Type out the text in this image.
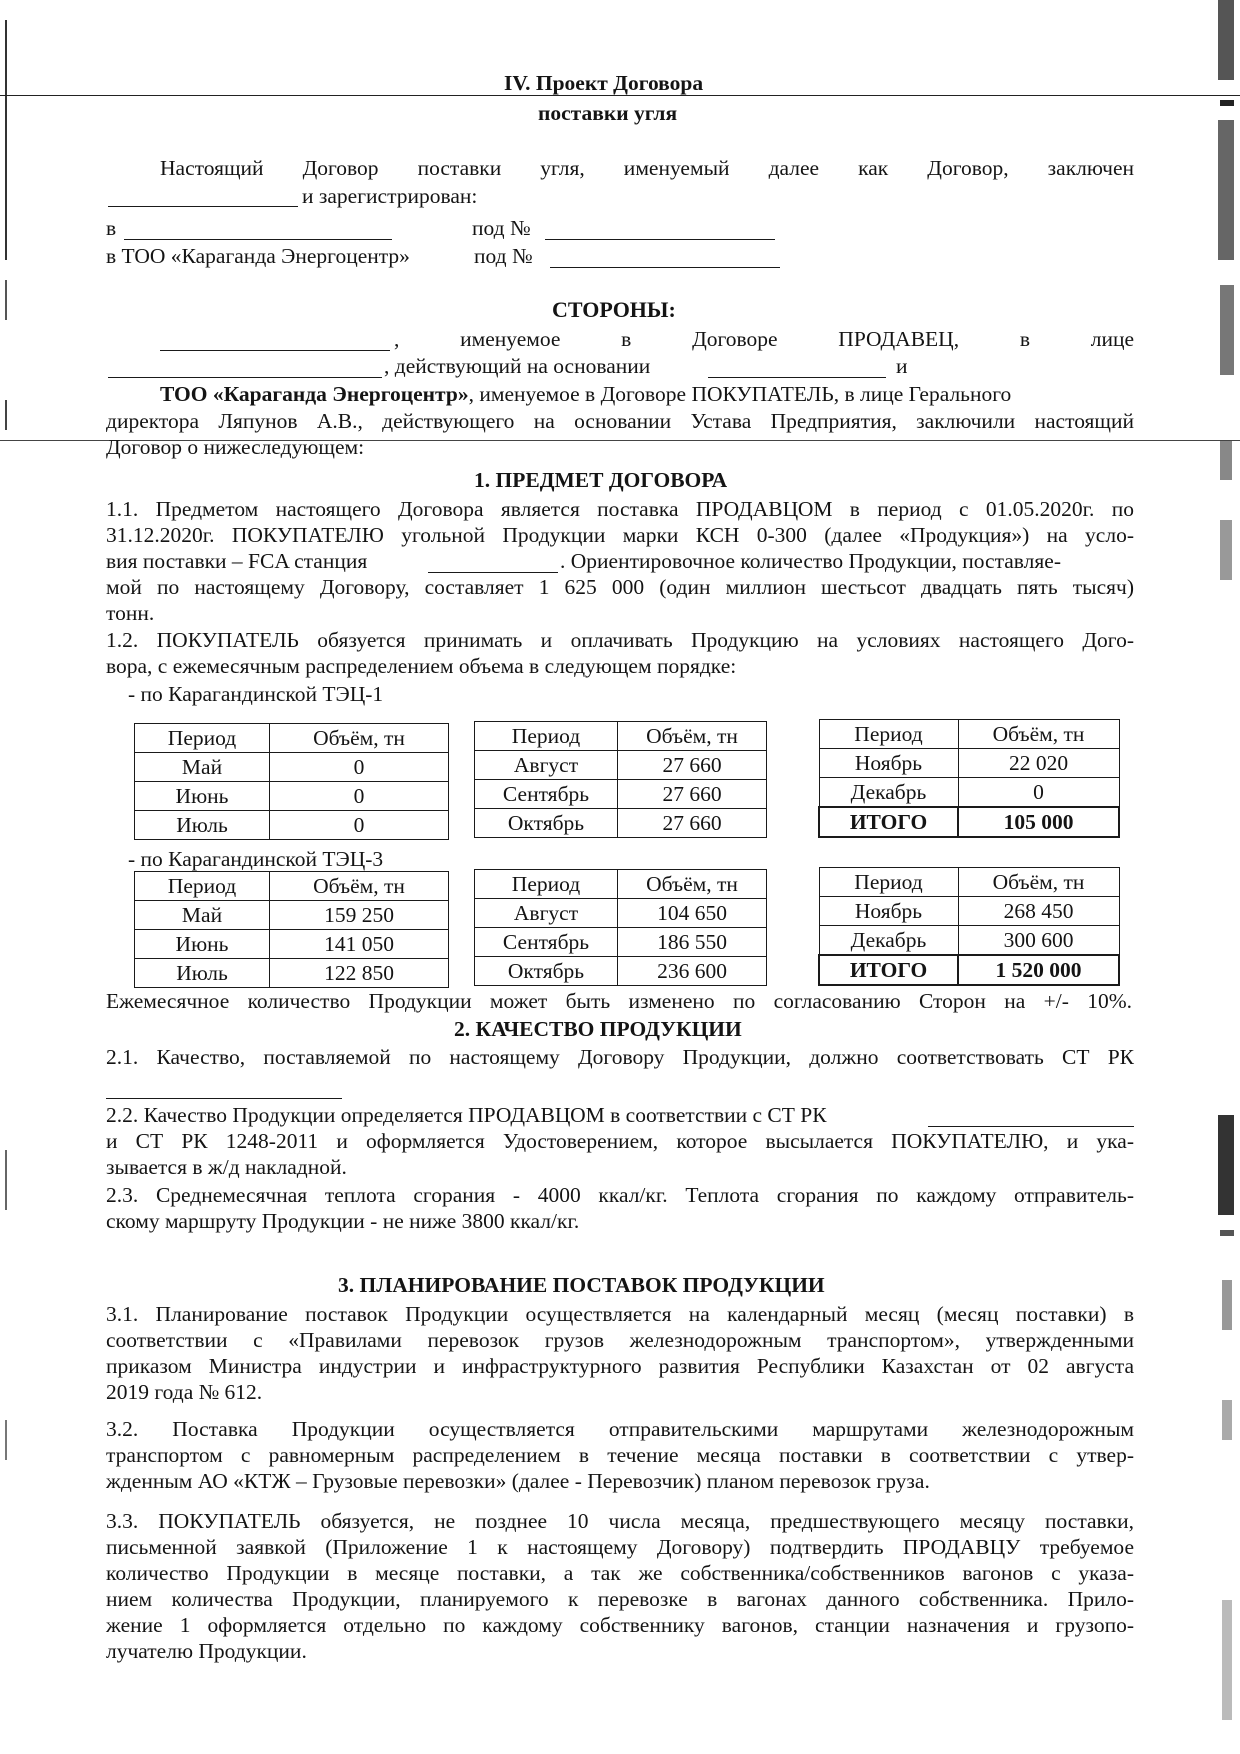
IV. Проект Договора
поставки угля
Настоящий Договор поставки угля, именуемый далее как Договор, заключен
и зарегистрирован:
в	под №
в ТОО «Караганда Энергоцентр»	под №
СТОРОНЫ:
, именуемое в Договоре ПРОДАВЕЦ, в лице
, действующий на основании	и
ТОО «Караганда Энергоцентр», именуемое в Договоре ПОКУПАТЕЛЬ, в лице Герального
директора Ляпунов А.В., действующего на основании Устава Предприятия, заключили настоящий
Договор о нижеследующем:
1. ПРЕДМЕТ ДОГОВОРА
1.1. Предметом настоящего Договора является поставка ПРОДАВЦОМ в период с 01.05.2020г. по
31.12.2020г. ПОКУПАТЕЛЮ угольной Продукции марки КСН 0-300 (далее «Продукция») на усло-
вия поставки – FCA станция	. Ориентировочное количество Продукции, поставляе-
мой по настоящему Договору, составляет 1 625 000 (один миллион шестьсот двадцать пять тысяч)
тонн.
1.2. ПОКУПАТЕЛЬ обязуется принимать и оплачивать Продукцию на условиях настоящего Дого-
вора, с ежемесячным распределением объема в следующем порядке:
- по Карагандинской ТЭЦ-1
Период	Объём, тн
Май	0
Июнь	0
Июль	0
Период	Объём, тн
Август	27 660
Сентябрь	27 660
Октябрь	27 660
Период	Объём, тн
Ноябрь	22 020
Декабрь	0
ИТОГО	105 000
- по Карагандинской ТЭЦ-3
Период	Объём, тн
Май	159 250
Июнь	141 050
Июль	122 850
Период	Объём, тн
Август	104 650
Сентябрь	186 550
Октябрь	236 600
Период	Объём, тн
Ноябрь	268 450
Декабрь	300 600
ИТОГО	1 520 000
Ежемесячное количество Продукции может быть изменено по согласованию Сторон на +/- 10%.
2. КАЧЕСТВО ПРОДУКЦИИ
2.1. Качество, поставляемой по настоящему Договору Продукции, должно соответствовать СТ РК
2.2. Качество Продукции определяется ПРОДАВЦОМ в соответствии с СТ РК
и СТ РК 1248-2011 и оформляется Удостоверением, которое высылается ПОКУПАТЕЛЮ, и ука-
зывается в ж/д накладной.
2.3. Среднемесячная теплота сгорания - 4000 ккал/кг. Теплота сгорания по каждому отправитель-
скому маршруту Продукции - не ниже 3800 ккал/кг.
3. ПЛАНИРОВАНИЕ ПОСТАВОК ПРОДУКЦИИ
3.1. Планирование поставок Продукции осуществляется на календарный месяц (месяц поставки) в
соответствии с «Правилами перевозок грузов железнодорожным транспортом», утвержденными
приказом Министра индустрии и инфраструктурного развития Республики Казахстан от 02 августа
2019 года № 612.
3.2. Поставка Продукции осуществляется отправительскими маршрутами железнодорожным
транспортом с равномерным распределением в течение месяца поставки в соответствии с утвер-
жденным АО «КТЖ – Грузовые перевозки» (далее - Перевозчик) планом перевозок груза.
3.3. ПОКУПАТЕЛЬ обязуется, не позднее 10 числа месяца, предшествующего месяцу поставки,
письменной заявкой (Приложение 1 к настоящему Договору) подтвердить ПРОДАВЦУ требуемое
количество Продукции в месяце поставки, а так же собственника/собственников вагонов с указа-
нием количества Продукции, планируемого к перевозке в вагонах данного собственника. Прило-
жение 1 оформляется отдельно по каждому собственнику вагонов, станции назначения и грузопо-
лучателю Продукции.
